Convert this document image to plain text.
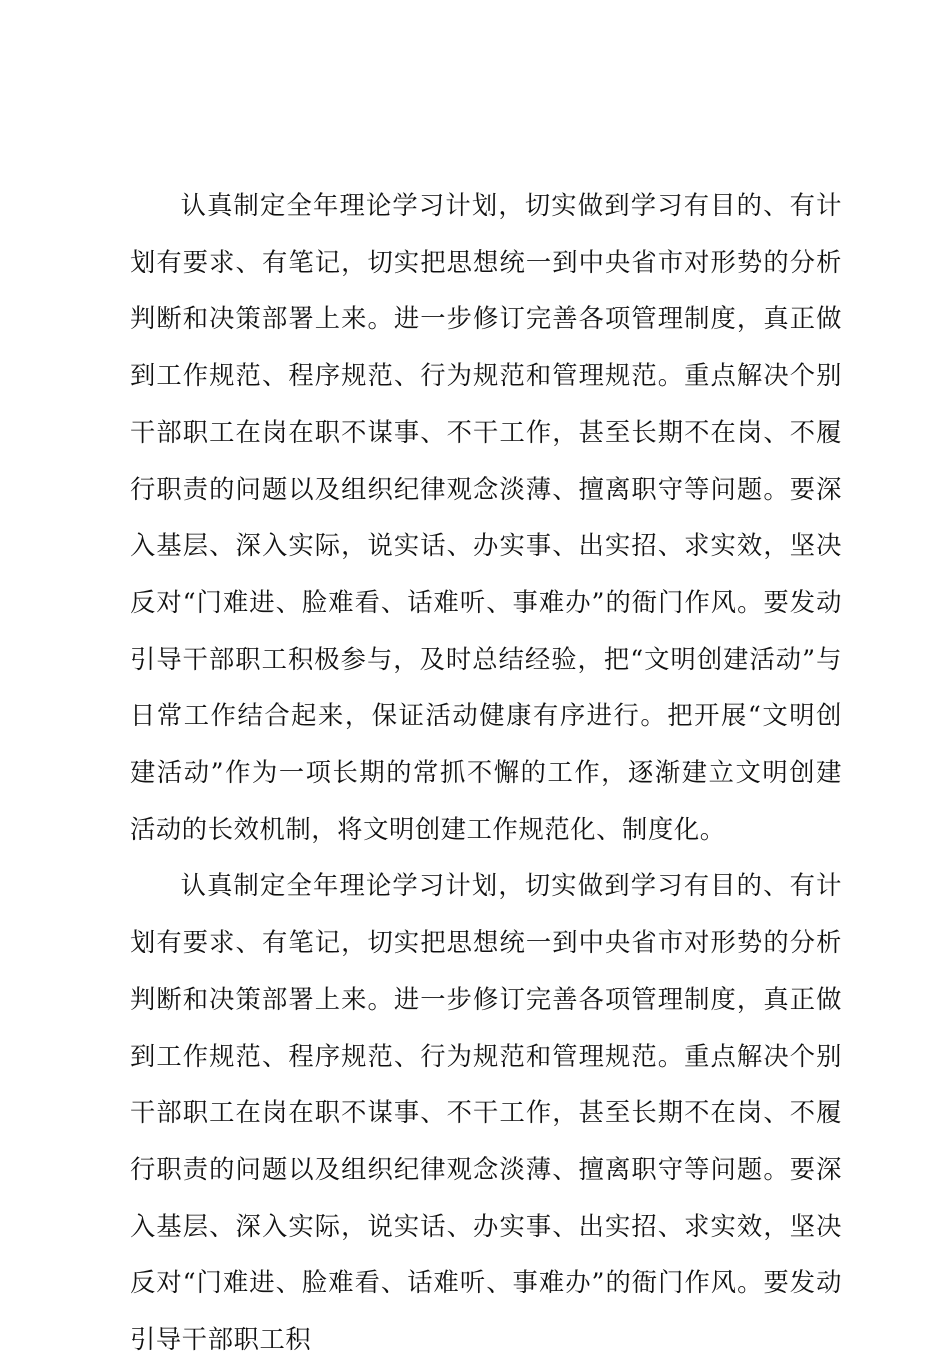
认真制定全年理论学习计划，切实做到学习有目的、有计划有要求、有笔记，切实把思想统一到中央省市对形势的分析判断和决策部署上来。进一步修订完善各项管理制度，真正做到工作规范、程序规范、行为规范和管理规范。重点解决个别干部职工在岗在职不谋事、不干工作，甚至长期不在岗、不履行职责的问题以及组织纪律观念淡薄、擅离职守等问题。要深入基层、深入实际，说实话、办实事、出实招、求实效，坚决反对“门难进、脸难看、话难听、事难办”的衙门作风。要发动引导干部职工积极参与，及时总结经验，把“文明创建活动”与日常工作结合起来，保证活动健康有序进行。把开展“文明创建活动”作为一项长期的常抓不懈的工作，逐渐建立文明创建活动的长效机制，将文明创建工作规范化、制度化。

认真制定全年理论学习计划，切实做到学习有目的、有计划有要求、有笔记，切实把思想统一到中央省市对形势的分析判断和决策部署上来。进一步修订完善各项管理制度，真正做到工作规范、程序规范、行为规范和管理规范。重点解决个别干部职工在岗在职不谋事、不干工作，甚至长期不在岗、不履行职责的问题以及组织纪律观念淡薄、擅离职守等问题。要深入基层、深入实际，说实话、办实事、出实招、求实效，坚决反对“门难进、脸难看、话难听、事难办”的衙门作风。要发动引导干部职工积
